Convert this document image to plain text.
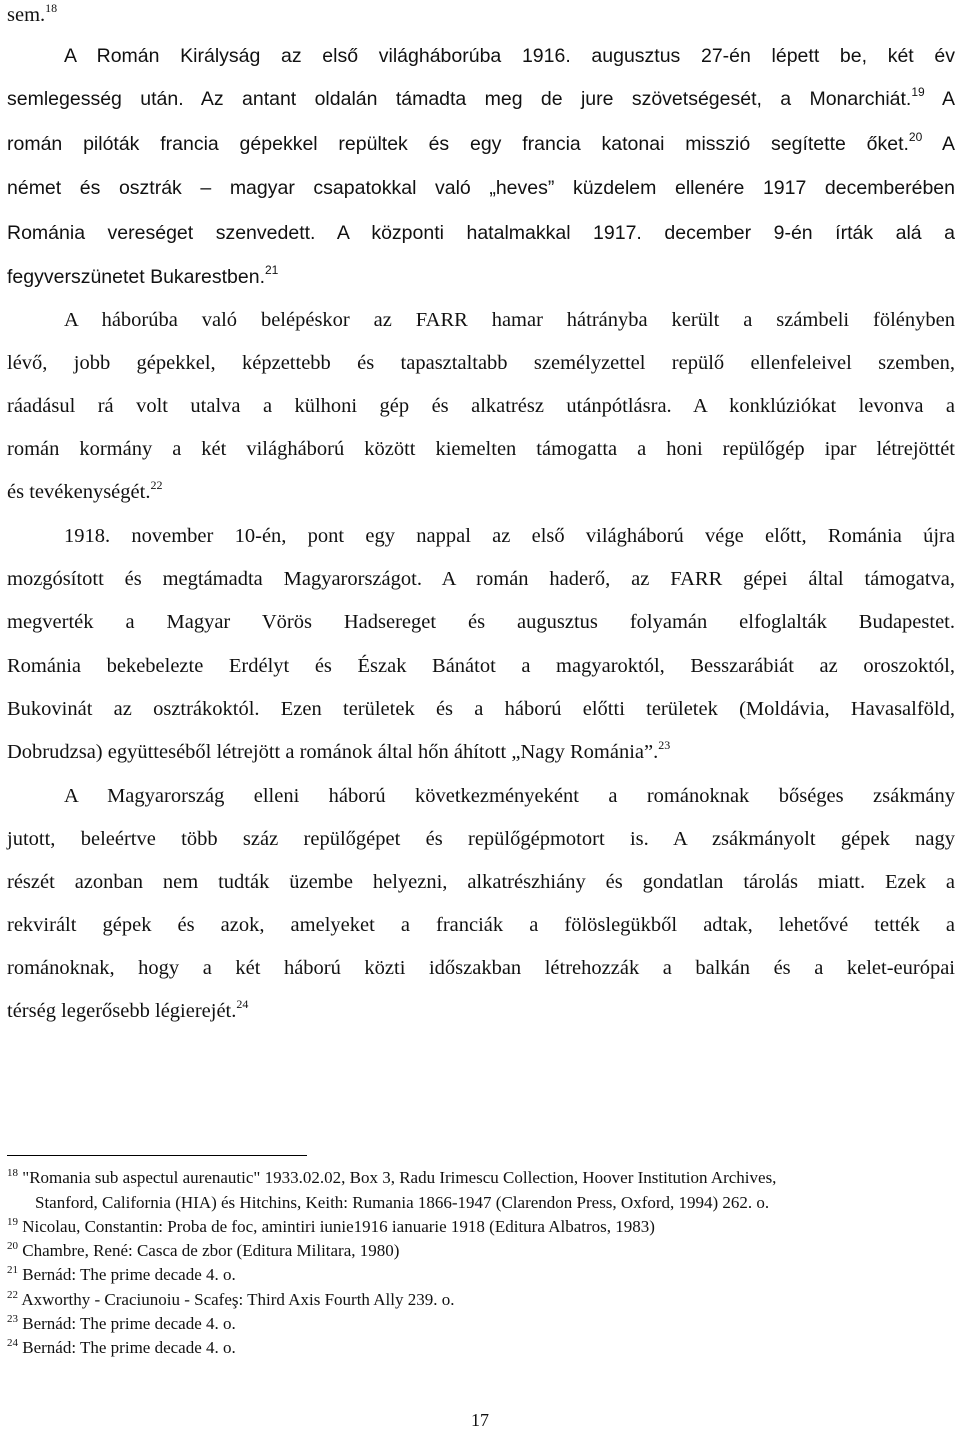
sem.$^{18}$
A Román Királyság az első világháborúba 1916. augusztus 27-én lépett be, két év
semlegesség után. Az antant oldalán támadta meg de jure szövetségesét, a Monarchiát.$^{19}$ A
román pilóták francia gépekkel repültek és egy francia katonai misszió segítette őket.$^{20}$ A
német és osztrák – magyar csapatokkal való „heves” küzdelem ellenére 1917 decemberében
Románia vereséget szenvedett. A központi hatalmakkal 1917. december 9-én írták alá a
fegyverszünetet Bukarestben.$^{21}$
A háborúba való belépéskor az FARR hamar hátrányba került a számbeli fölényben
lévő, jobb gépekkel, képzettebb és tapasztaltabb személyzettel repülő ellenfeleivel szemben,
ráadásul rá volt utalva a külhoni gép és alkatrész utánpótlásra. A konklúziókat levonva a
román kormány a két világháború között kiemelten támogatta a honi repülőgép ipar létrejöttét
és tevékenységét.$^{22}$
1918. november 10-én, pont egy nappal az első világháború vége előtt, Románia újra
mozgósított és megtámadta Magyarországot. A román haderő, az FARR gépei által támogatva,
megverték a Magyar Vörös Hadsereget és augusztus folyamán elfoglalták Budapestet.
Románia bekebelezte Erdélyt és Észak Bánátot a magyaroktól, Besszarábiát az oroszoktól,
Bukovinát az osztrákoktól. Ezen területek és a háború előtti területek (Moldávia, Havasalföld,
Dobrudzsa) együtteséből létrejött a románok által hőn áhított „Nagy Románia”.$^{23}$
A Magyarország elleni háború következményeként a románoknak bőséges zsákmány
jutott, beleértve több száz repülőgépet és repülőgépmotort is. A zsákmányolt gépek nagy
részét azonban nem tudták üzembe helyezni, alkatrészhiány és gondatlan tárolás miatt. Ezek a
rekvirált gépek és azok, amelyeket a franciák a fölöslegükből adtak, lehetővé tették a
románoknak, hogy a két háború közti időszakban létrehozzák a balkán és a kelet-európai
térség legerősebb légierejét.$^{24}$
$^{18}$ "Romania sub aspectul aurenautic" 1933.02.02, Box 3, Radu Irimescu Collection, Hoover Institution Archives,
Stanford, California (HIA) és Hitchins, Keith: Rumania 1866-1947 (Clarendon Press, Oxford, 1994) 262. o.
$^{19}$ Nicolau, Constantin: Proba de foc, amintiri iunie1916 ianuarie 1918 (Editura Albatros, 1983)
$^{20}$ Chambre, René: Casca de zbor (Editura Militara, 1980)
$^{21}$ Bernád: The prime decade 4. o.
$^{22}$ Axworthy - Craciunoiu - Scafeş: Third Axis Fourth Ally 239. o.
$^{23}$ Bernád: The prime decade 4. o.
$^{24}$ Bernád: The prime decade 4. o.
17
